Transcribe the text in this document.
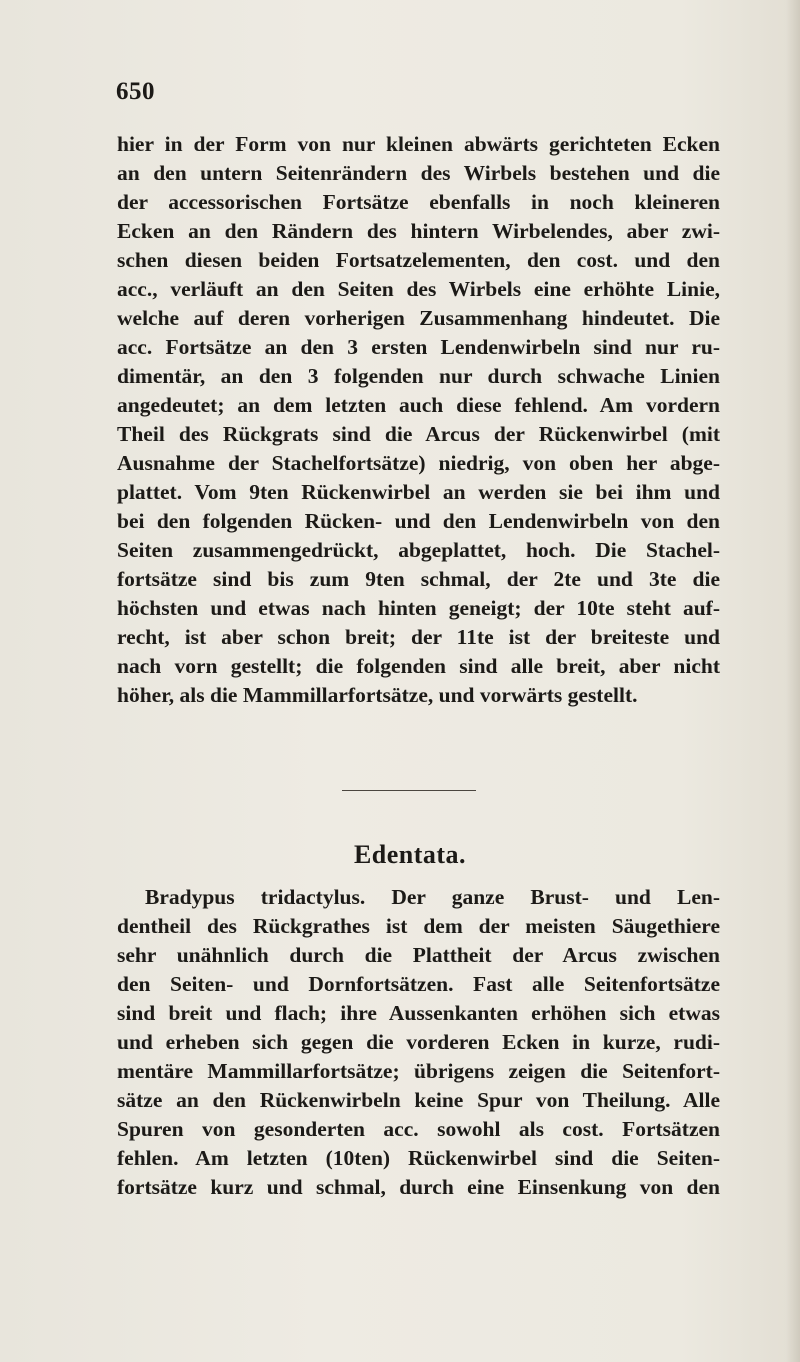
650
hier in der Form von nur kleinen abwärts gerichteten Ecken
an den untern Seitenrändern des Wirbels bestehen und die
der accessorischen Fortsätze ebenfalls in noch kleineren
Ecken an den Rändern des hintern Wirbelendes, aber zwi-
schen diesen beiden Fortsatzelementen, den cost. und den
acc., verläuft an den Seiten des Wirbels eine erhöhte Linie,
welche auf deren vorherigen Zusammenhang hindeutet. Die
acc. Fortsätze an den 3 ersten Lendenwirbeln sind nur ru-
dimentär, an den 3 folgenden nur durch schwache Linien
angedeutet; an dem letzten auch diese fehlend. Am vordern
Theil des Rückgrats sind die Arcus der Rückenwirbel (mit
Ausnahme der Stachelfortsätze) niedrig, von oben her abge-
plattet. Vom 9ten Rückenwirbel an werden sie bei ihm und
bei den folgenden Rücken- und den Lendenwirbeln von den
Seiten zusammengedrückt, abgeplattet, hoch. Die Stachel-
fortsätze sind bis zum 9ten schmal, der 2te und 3te die
höchsten und etwas nach hinten geneigt; der 10te steht auf-
recht, ist aber schon breit; der 11te ist der breiteste und
nach vorn gestellt; die folgenden sind alle breit, aber nicht
höher, als die Mammillarfortsätze, und vorwärts gestellt.
Edentata.
Bradypus tridactylus. Der ganze Brust- und Len-
dentheil des Rückgrathes ist dem der meisten Säugethiere
sehr unähnlich durch die Plattheit der Arcus zwischen
den Seiten- und Dornfortsätzen. Fast alle Seitenfortsätze
sind breit und flach; ihre Aussenkanten erhöhen sich etwas
und erheben sich gegen die vorderen Ecken in kurze, rudi-
mentäre Mammillarfortsätze; übrigens zeigen die Seitenfort-
sätze an den Rückenwirbeln keine Spur von Theilung. Alle
Spuren von gesonderten acc. sowohl als cost. Fortsätzen
fehlen. Am letzten (10ten) Rückenwirbel sind die Seiten-
fortsätze kurz und schmal, durch eine Einsenkung von den
